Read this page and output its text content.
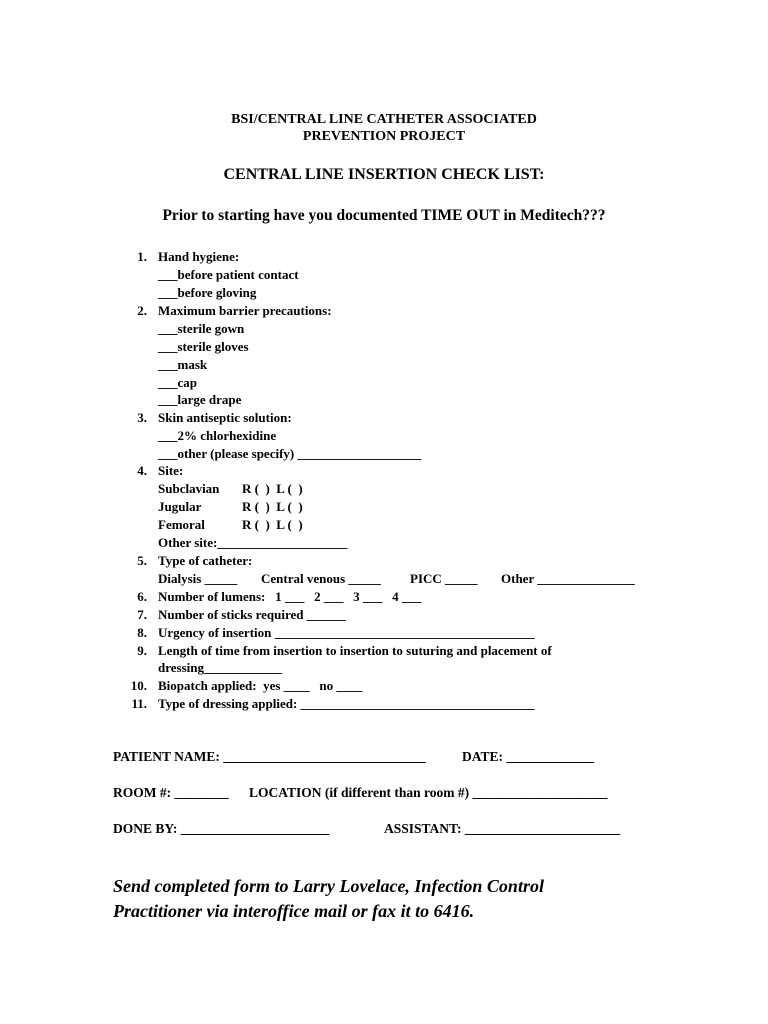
BSI/CENTRAL LINE CATHETER ASSOCIATED
PREVENTION PROJECT
CENTRAL LINE INSERTION CHECK LIST:
Prior to starting have you documented TIME OUT in Meditech???
1. Hand hygiene:
___before patient contact
___before gloving
2. Maximum barrier precautions:
___sterile gown
___sterile gloves
___mask
___cap
___large drape
3. Skin antiseptic solution:
___2% chlorhexidine
___other (please specify) ___________________
4. Site:
Subclavian R (  )  L (  )
Jugular	R (  )  L (  )
Femoral	R (  )  L (  )
Other site:____________________
5. Type of catheter:
Dialysis _____ Central venous _____ PICC _____ Other _______________
6. Number of lumens:   1 ___   2 ___   3 ___   4 ___
7. Number of sticks required ______
8. Urgency of insertion ________________________________________
9. Length of time from insertion to insertion to suturing and placement of
dressing____________
10. Biopatch applied:  yes ____   no ____
11. Type of dressing applied: ____________________________________
PATIENT NAME: ______________________________	DATE: _____________
ROOM #: ________ LOCATION (if different than room #) ____________________
DONE BY: ______________________	ASSISTANT: _______________________
Send completed form to Larry Lovelace, Infection Control
Practitioner via interoffice mail or fax it to 6416.
